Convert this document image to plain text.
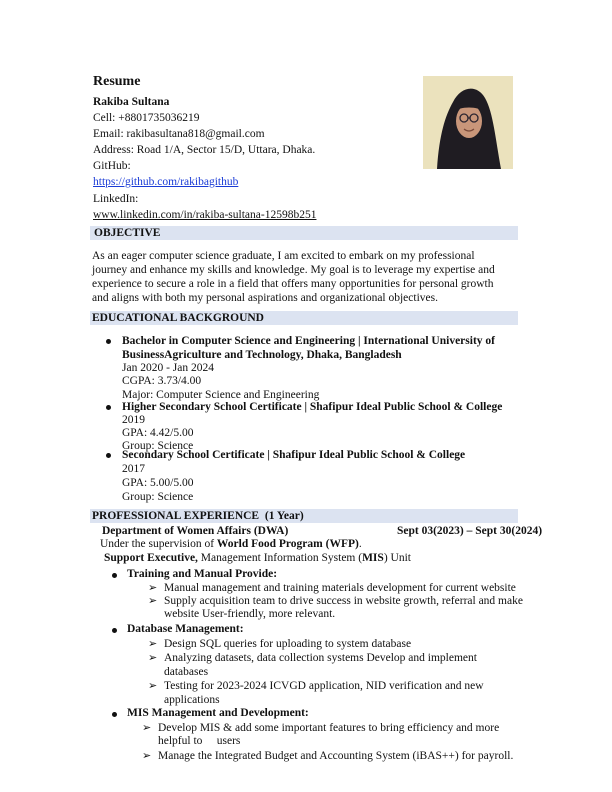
Resume
Rakiba Sultana
Cell: +8801735036219
Email: rakibasultana818@gmail.com
Address: Road 1/A, Sector 15/D, Uttara, Dhaka.
GitHub:
https://github.com/rakibagithub
LinkedIn:
www.linkedin.com/in/rakiba-sultana-12598b251
OBJECTIVE
As an eager computer science graduate, I am excited to embark on my professional
journey and enhance my skills and knowledge. My goal is to leverage my expertise and
experience to secure a role in a field that offers many opportunities for personal growth
and aligns with both my personal aspirations and organizational objectives.
EDUCATIONAL BACKGROUND
Bachelor in Computer Science and Engineering | International University of
BusinessAgriculture and Technology, Dhaka, Bangladesh
Jan 2020 - Jan 2024
CGPA: 3.73/4.00
Major: Computer Science and Engineering
Higher Secondary School Certificate | Shafipur Ideal Public School & College
2019
GPA: 4.42/5.00
Group: Science
Secondary School Certificate | Shafipur Ideal Public School & College
2017
GPA: 5.00/5.00
Group: Science
PROFESSIONAL EXPERIENCE (1 Year)
Department of Women Affairs (DWA)	Sept 03(2023) – Sept 30(2024)
Under the supervision of World Food Program (WFP).
Support Executive, Management Information System (MIS) Unit
Training and Manual Provide:
➢ Manual management and training materials development for current website
➢ Supply acquisition team to drive success in website growth, referral and make
website User-friendly, more relevant.
Database Management:
➢ Design SQL queries for uploading to system database
➢ Analyzing datasets, data collection systems Develop and implement
databases
➢ Testing for 2023-2024 ICVGD application, NID verification and new
applications
MIS Management and Development:
➢ Develop MIS & add some important features to bring efficiency and more
helpful to     users
➢ Manage the Integrated Budget and Accounting System (iBAS++) for payroll.
